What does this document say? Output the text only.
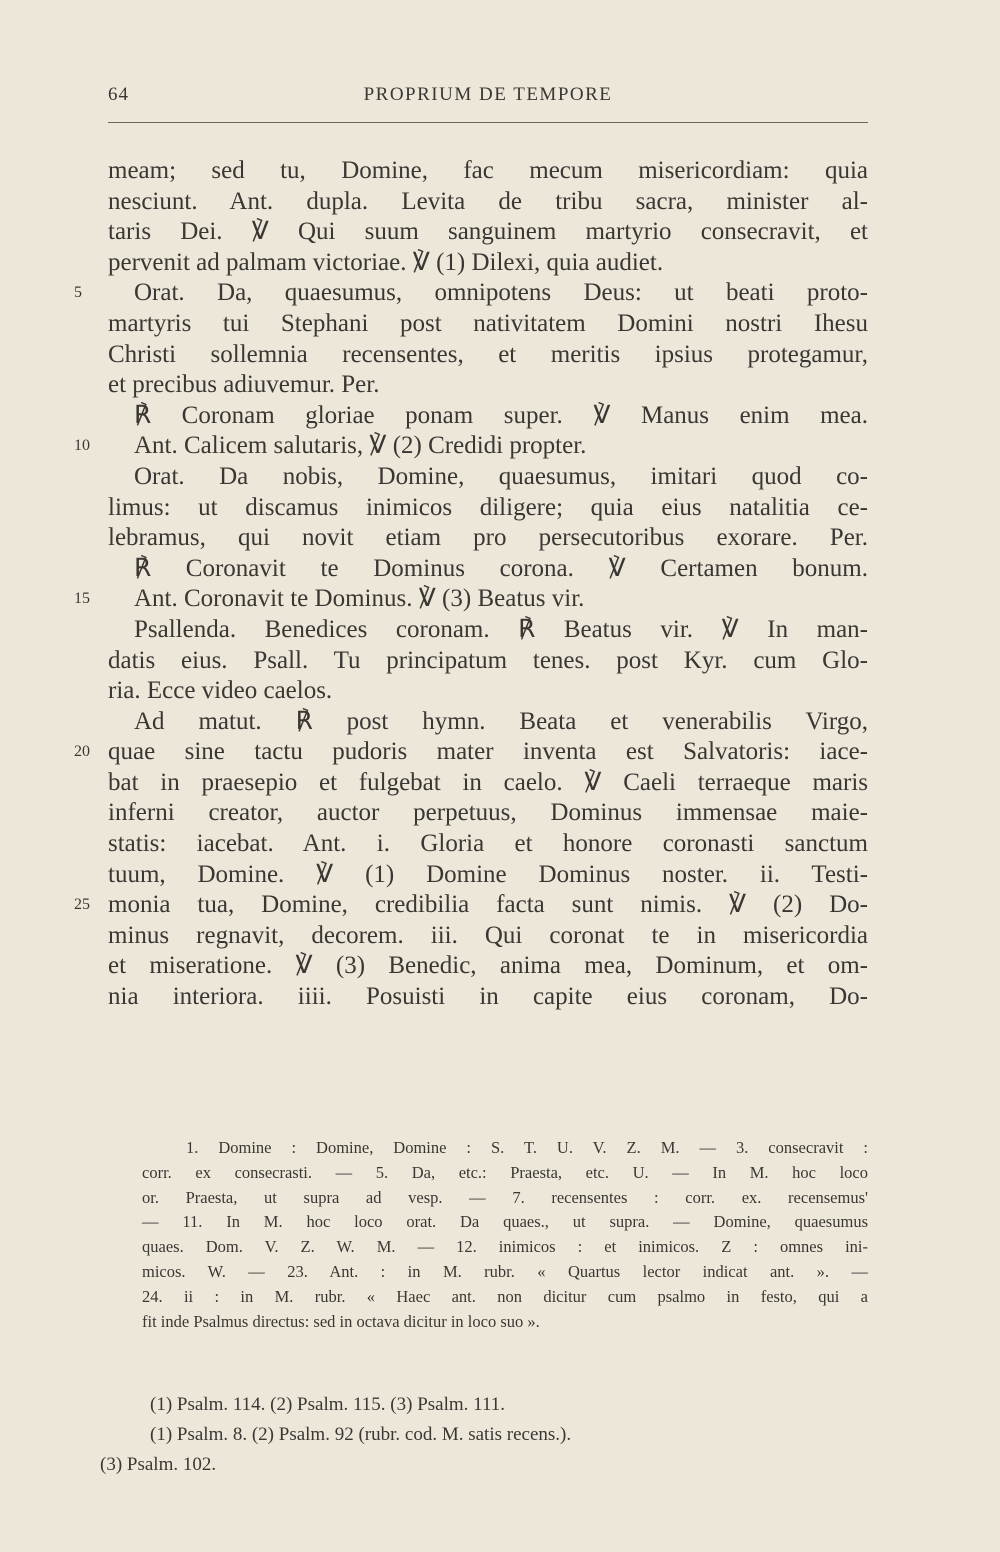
64	PROPRIUM DE TEMPORE
meam; sed tu, Domine, fac mecum misericordiam: quia
nesciunt. Ant. dupla. Levita de tribu sacra, minister al-
taris Dei. ℣ Qui suum sanguinem martyrio consecravit, et
pervenit ad palmam victoriae. ℣ (1) Dilexi, quia audiet.
5	Orat. Da, quaesumus, omnipotens Deus: ut beati proto-
martyris tui Stephani post nativitatem Domini nostri Ihesu
Christi sollemnia recensentes, et meritis ipsius protegamur,
et precibus adiuvemur. Per.
℟ Coronam gloriae ponam super. ℣ Manus enim mea.
10	Ant. Calicem salutaris, ℣ (2) Credidi propter.
Orat. Da nobis, Domine, quaesumus, imitari quod co-
limus: ut discamus inimicos diligere; quia eius natalitia ce-
lebramus, qui novit etiam pro persecutoribus exorare. Per.
℟ Coronavit te Dominus corona. ℣ Certamen bonum.
15	Ant. Coronavit te Dominus. ℣ (3) Beatus vir.
Psallenda. Benedices coronam. ℟ Beatus vir. ℣ In man-
datis eius. Psall. Tu principatum tenes. post Kyr. cum Glo-
ria. Ecce video caelos.
Ad matut. ℟ post hymn. Beata et venerabilis Virgo,
20 quae sine tactu pudoris mater inventa est Salvatoris: iace-
bat in praesepio et fulgebat in caelo. ℣ Caeli terraeque maris
inferni creator, auctor perpetuus, Dominus immensae maie-
statis: iacebat. Ant. i. Gloria et honore coronasti sanctum
tuum, Domine. ℣ (1) Domine Dominus noster. ii. Testi-
25 monia tua, Domine, credibilia facta sunt nimis. ℣ (2) Do-
minus regnavit, decorem. iii. Qui coronat te in misericordia
et miseratione. ℣ (3) Benedic, anima mea, Dominum, et om-
nia interiora. iiii. Posuisti in capite eius coronam, Do-
1. Domine : Domine, Domine : S. T. U. V. Z. M. — 3. consecravit :
corr. ex consecrasti. — 5. Da, etc.: Praesta, etc. U. — In M. hoc loco
or. Praesta, ut supra ad vesp. — 7. recensentes : corr. ex. recensemus'
— 11. In M. hoc loco orat. Da quaes., ut supra. — Domine, quaesumus
quaes. Dom. V. Z. W. M. — 12. inimicos : et inimicos. Z : omnes ini-
micos. W. — 23. Ant. : in M. rubr. « Quartus lector indicat ant. ». —
24. ii : in M. rubr. « Haec ant. non dicitur cum psalmo in festo, qui a
fit inde Psalmus directus: sed in octava dicitur in loco suo ».
(1) Psalm. 114. (2) Psalm. 115. (3) Psalm. 111.
(1) Psalm. 8. (2) Psalm. 92 (rubr. cod. M. satis recens.).
(3) Psalm. 102.
